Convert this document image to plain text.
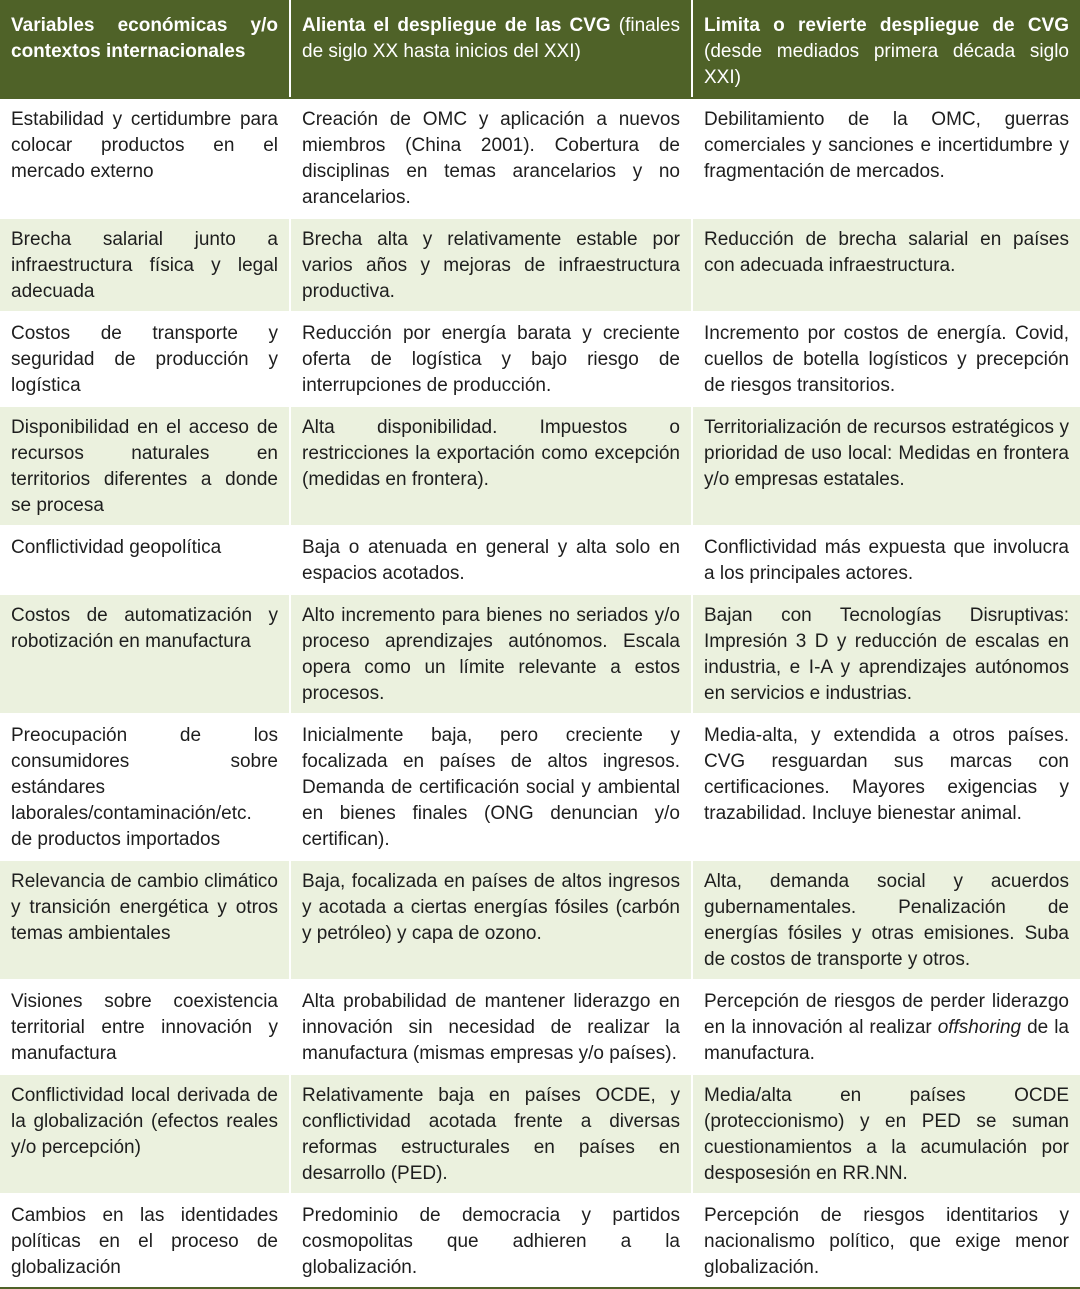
Variables económicas y/o contextos internacionales	Alienta el despliegue de las CVG (finales de siglo XX hasta inicios del XXI)	Limita o revierte despliegue de CVG (desde mediados primera década siglo XXI)
Estabilidad y certidumbre para colocar productos en el mercado externo	Creación de OMC y aplicación a nuevos miembros (China 2001). Cobertura de disciplinas en temas arancelarios y no arancelarios.	Debilitamiento de la OMC, guerras comerciales y sanciones e incertidumbre y fragmentación de mercados.
Brecha salarial junto a infraestructura física y legal adecuada	Brecha alta y relativamente estable por varios años y mejoras de infraestructura productiva.	Reducción de brecha salarial en países con adecuada infraestructura.
Costos de transporte y seguridad de producción y logística	Reducción por energía barata y creciente oferta de logística y bajo riesgo de interrupciones de producción.	Incremento por costos de energía. Covid, cuellos de botella logísticos y precepción de riesgos transitorios.
Disponibilidad en el acceso de recursos naturales en territorios diferentes a donde se procesa	Alta disponibilidad. Impuestos o restricciones la exportación como excepción (medidas en frontera).	Territorialización de recursos estratégicos y prioridad de uso local: Medidas en frontera y/o empresas estatales.
Conflictividad geopolítica	Baja o atenuada en general y alta solo en espacios acotados.	Conflictividad más expuesta que involucra a los principales actores.
Costos de automatización y robotización en manufactura	Alto incremento para bienes no seriados y/o proceso aprendizajes autónomos. Escala opera como un límite relevante a estos procesos.	Bajan con Tecnologías Disruptivas: Impresión 3 D y reducción de escalas en industria, e I-A y aprendizajes autónomos en servicios e industrias.
Preocupación de los consumidores sobre estándares laborales/contaminación/etc. de productos importados	Inicialmente baja, pero creciente y focalizada en países de altos ingresos. Demanda de certificación social y ambiental en bienes finales (ONG denuncian y/o certifican).	Media-alta, y extendida a otros países. CVG resguardan sus marcas con certificaciones. Mayores exigencias y trazabilidad. Incluye bienestar animal.
Relevancia de cambio climático y transición energética y otros temas ambientales	Baja, focalizada en países de altos ingresos y acotada a ciertas energías fósiles (carbón y petróleo) y capa de ozono.	Alta, demanda social y acuerdos gubernamentales. Penalización de energías fósiles y otras emisiones. Suba de costos de transporte y otros.
Visiones sobre coexistencia territorial entre innovación y manufactura	Alta probabilidad de mantener liderazgo en innovación sin necesidad de realizar la manufactura (mismas empresas y/o países).	Percepción de riesgos de perder liderazgo en la innovación al realizar offshoring de la manufactura.
Conflictividad local derivada de la globalización (efectos reales y/o percepción)	Relativamente baja en países OCDE, y conflictividad acotada frente a diversas reformas estructurales en países en desarrollo (PED).	Media/alta en países OCDE (proteccionismo) y en PED se suman cuestionamientos a la acumulación por desposesión en RR.NN.
Cambios en las identidades políticas en el proceso de globalización	Predominio de democracia y partidos cosmopolitas que adhieren a la globalización.	Percepción de riesgos identitarios y nacionalismo político, que exige menor globalización.
